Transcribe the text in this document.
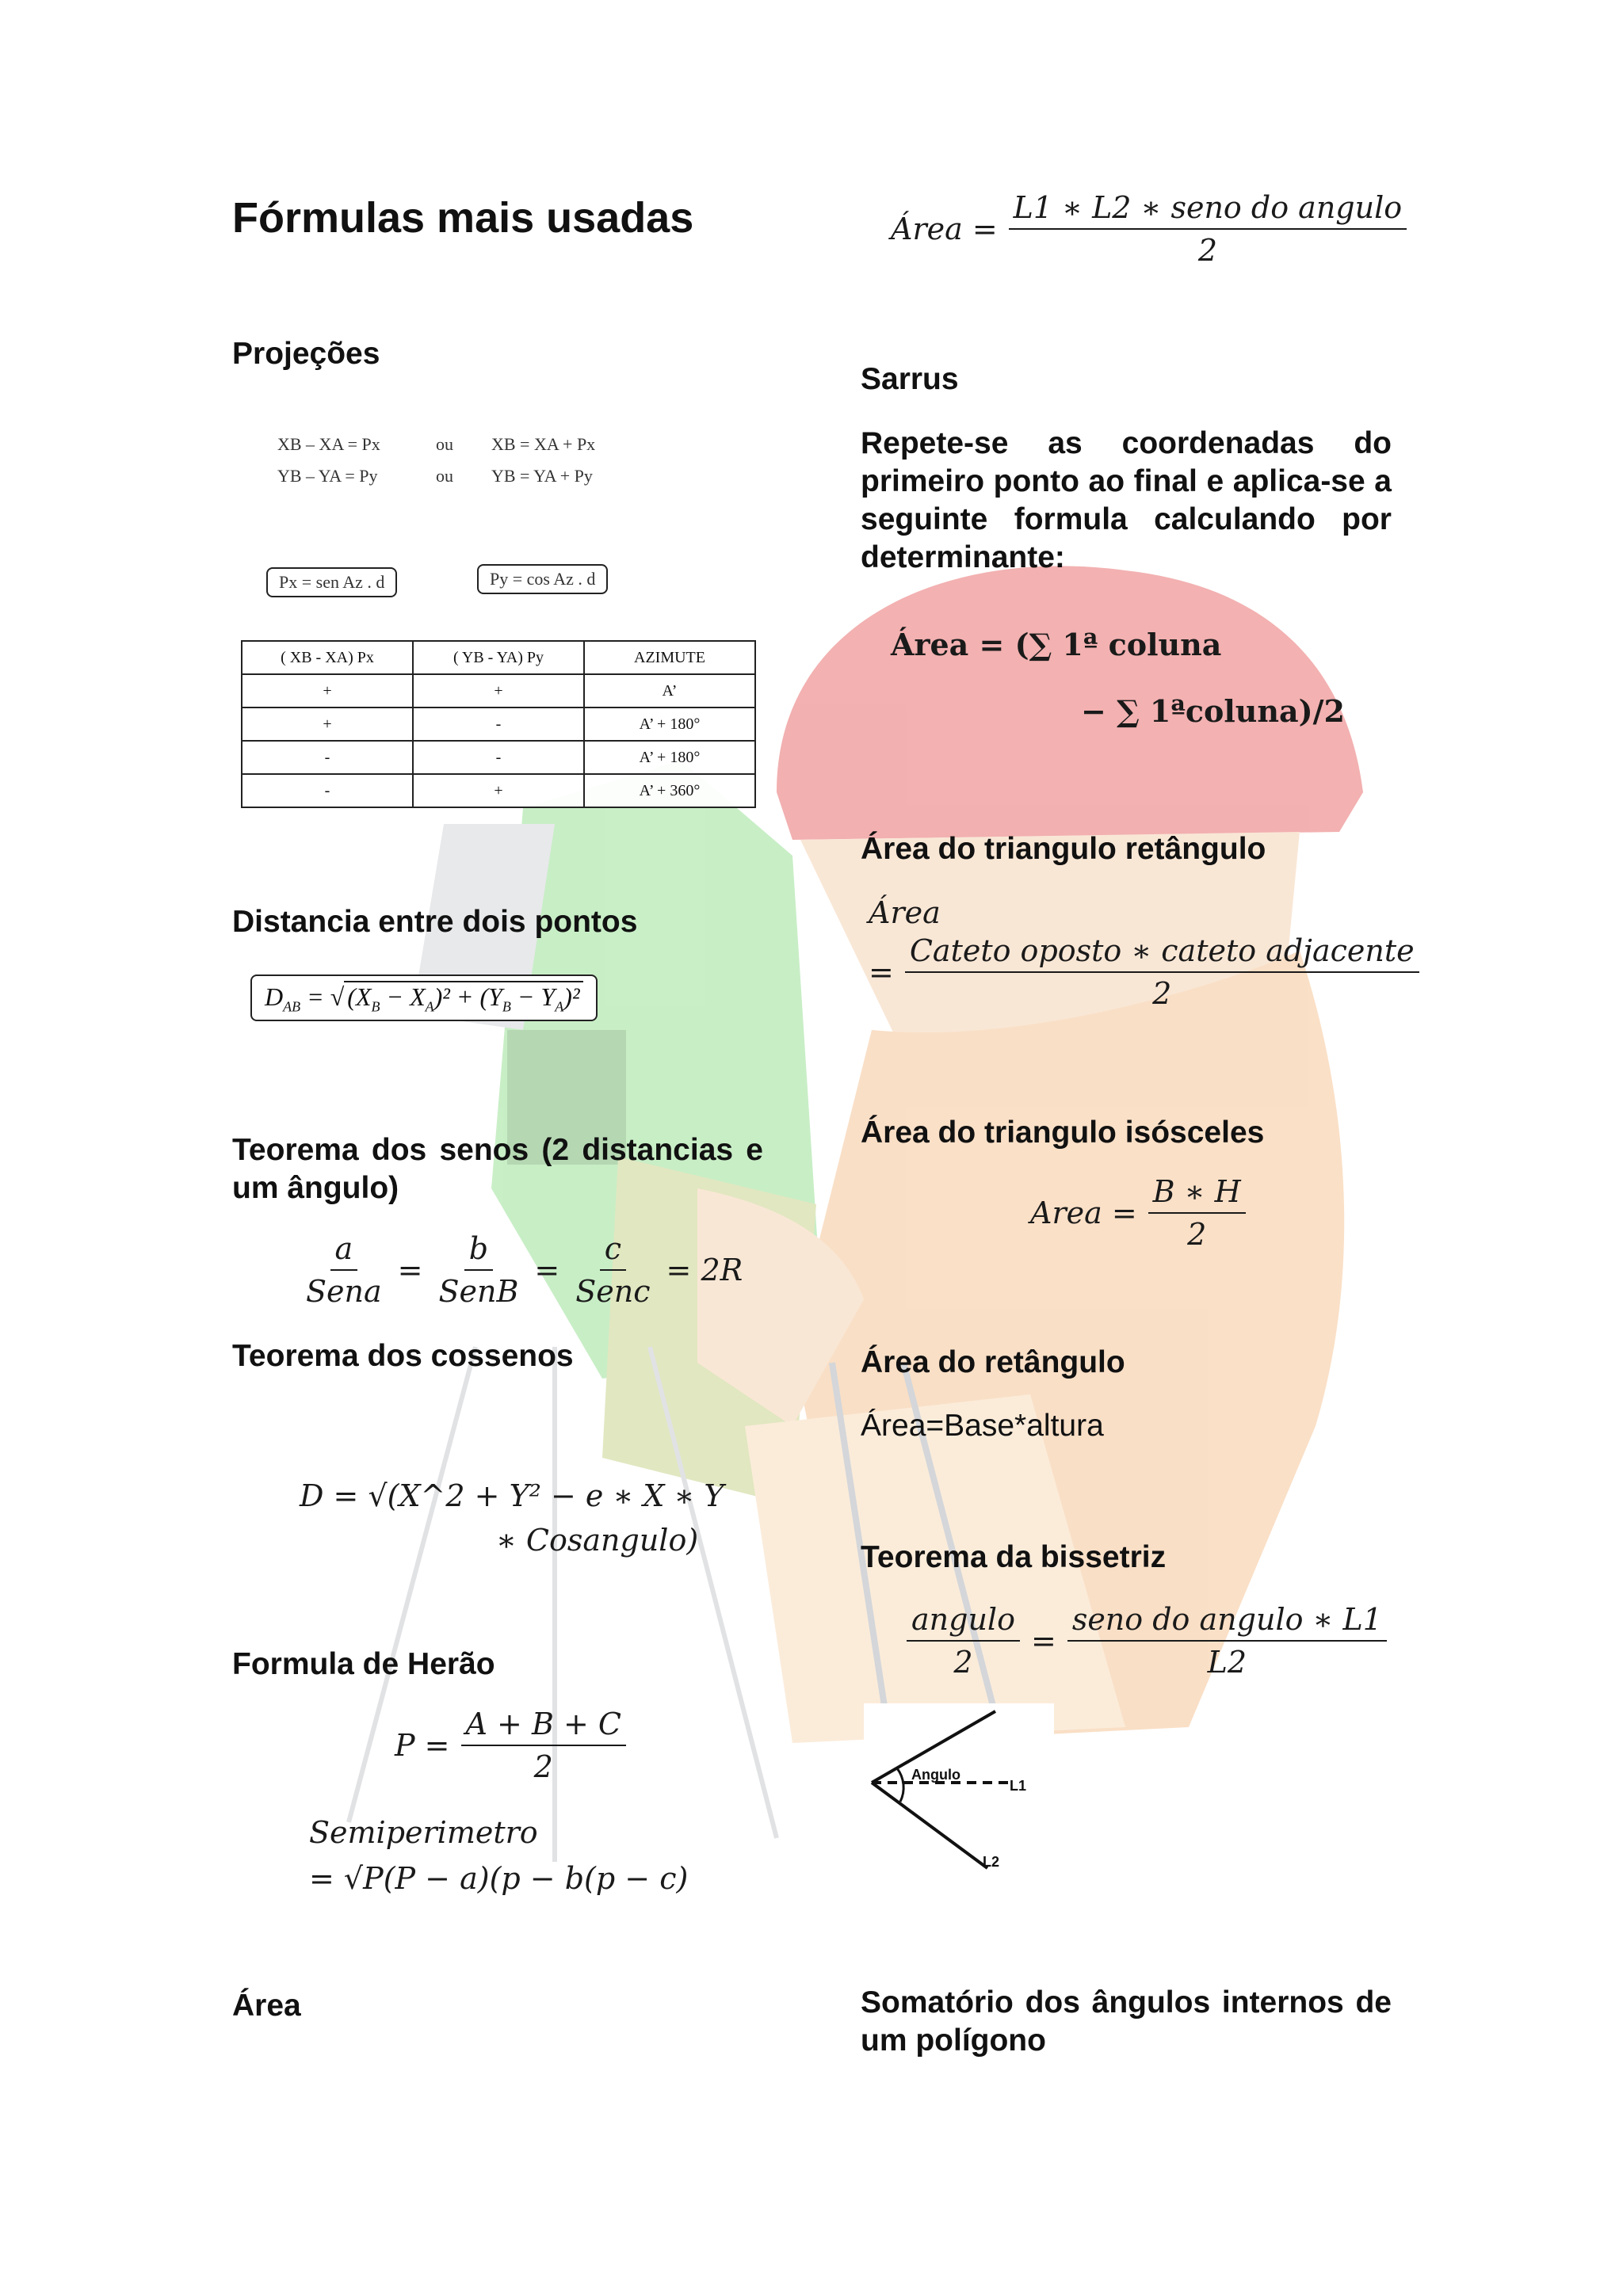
Fórmulas mais usadas
Projeções
XB – XA = Px	ou	XB = XA + Px
YB – YA = Py	ou	YB = YA + Py
Px = sen Az . d	Py = cos Az . d
( XB - XA) Px	( YB - YA) Py	AZIMUTE
+	+	A’
+	-	A’ + 180°
-	-	A’ + 180°
-	+	A’ + 360°
Distancia entre dois pontos
$D_{AB}$ = √ $(X_B - X_A)^2 + (Y_B - Y_A)^2$
Teorema dos senos (2 distancias e um ângulo)
$\frac{a}{\text{Sena}} = \frac{b}{\text{SenB}} = \frac{c}{\text{Senc}} = 2R$
Teorema dos cossenos
D = √(X^2 + Y² − e ∗ X ∗ Y
∗ Cosangulo)
Formula de Herão
$P = \frac{A + B + C}{2}$
Semiperimetro
= √P(P − a)(p − b(p − c)
Área
Área = $\frac{\text{L1 ∗ L2 ∗ seno do angulo}}{2}$
Sarrus
Repete-se as coordenadas do primeiro ponto ao final e aplica-se a seguinte formula calculando por determinante:
Área = (∑ 1ª coluna
− ∑ 1ªcoluna)/2
Área do triangulo retângulo
Área
= $\frac{\text{Cateto oposto ∗ cateto adjacente}}{2}$
Área do triangulo isósceles
Area = $\frac{B ∗ H}{2}$
Área do retângulo
Área=Base*altura
Teorema da bissetriz
$\frac{\text{angulo}}{2} = \frac{\text{seno do angulo ∗ L1}}{L2}$
Angulo
L1
L2
Somatório dos ângulos internos de um polígono
